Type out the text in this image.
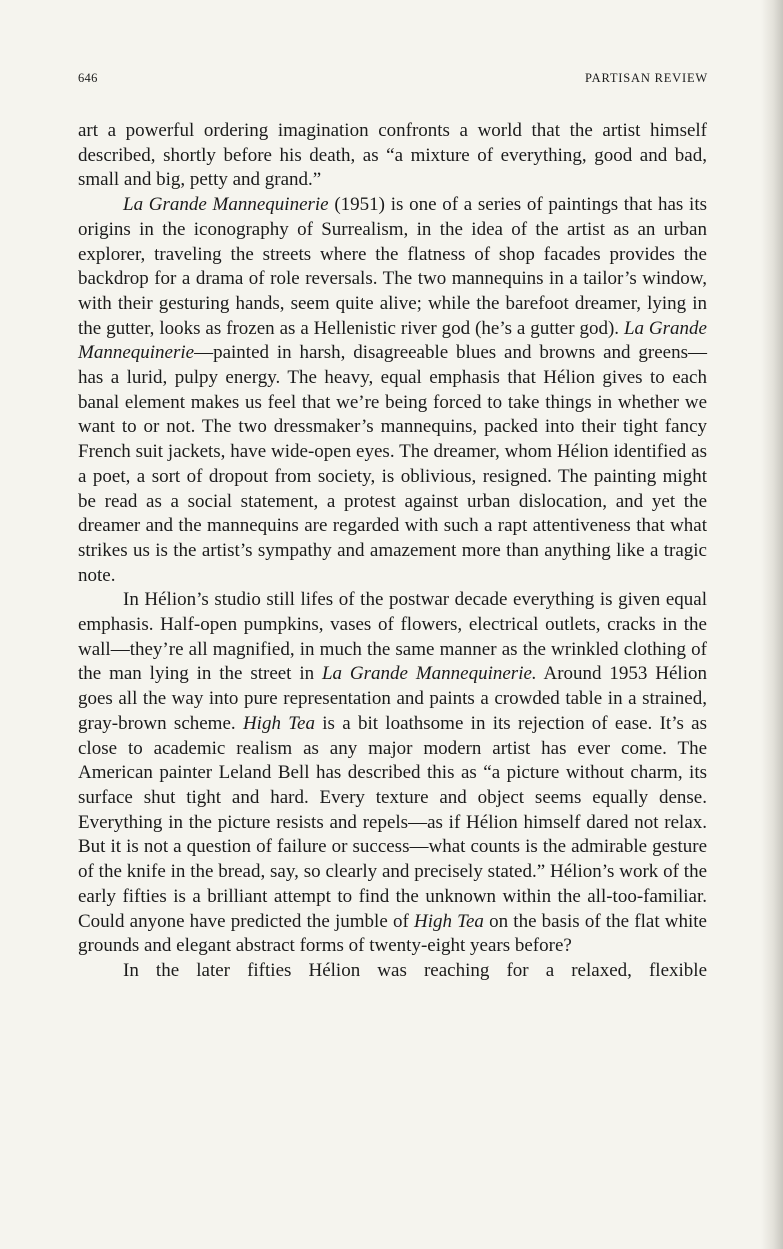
646	PARTISAN REVIEW

art a powerful ordering imagination confronts a world that the artist himself described, shortly before his death, as “a mixture of everything, good and bad, small and big, petty and grand.”

La Grande Mannequinerie (1951) is one of a series of paintings that has its origins in the iconography of Surrealism, in the idea of the artist as an urban explorer, traveling the streets where the flatness of shop facades provides the backdrop for a drama of role reversals. The two mannequins in a tailor’s window, with their gesturing hands, seem quite alive; while the barefoot dreamer, lying in the gutter, looks as frozen as a Hellenistic river god (he’s a gutter god). La Grande Mannequinerie—painted in harsh, disagreeable blues and browns and greens—has a lurid, pulpy energy. The heavy, equal emphasis that Hélion gives to each banal element makes us feel that we’re being forced to take things in whether we want to or not. The two dressmaker’s mannequins, packed into their tight fancy French suit jackets, have wide-open eyes. The dreamer, whom Hélion identified as a poet, a sort of dropout from society, is oblivious, resigned. The painting might be read as a social statement, a protest against urban dislocation, and yet the dreamer and the mannequins are regarded with such a rapt attentiveness that what strikes us is the artist’s sympathy and amazement more than anything like a tragic note.

In Hélion’s studio still lifes of the postwar decade everything is given equal emphasis. Half-open pumpkins, vases of flowers, electrical outlets, cracks in the wall—they’re all magnified, in much the same manner as the wrinkled clothing of the man lying in the street in La Grande Mannequinerie. Around 1953 Hélion goes all the way into pure representation and paints a crowded table in a strained, gray-brown scheme. High Tea is a bit loathsome in its rejection of ease. It’s as close to academic realism as any major modern artist has ever come. The American painter Leland Bell has described this as “a picture without charm, its surface shut tight and hard. Every texture and object seems equally dense. Everything in the picture resists and repels—as if Hélion himself dared not relax. But it is not a question of failure or success—what counts is the admirable gesture of the knife in the bread, say, so clearly and precisely stated.” Hélion’s work of the early fifties is a brilliant attempt to find the unknown within the all-too-familiar. Could anyone have predicted the jumble of High Tea on the basis of the flat white grounds and elegant abstract forms of twenty-eight years before?

In the later fifties Hélion was reaching for a relaxed, flexible
